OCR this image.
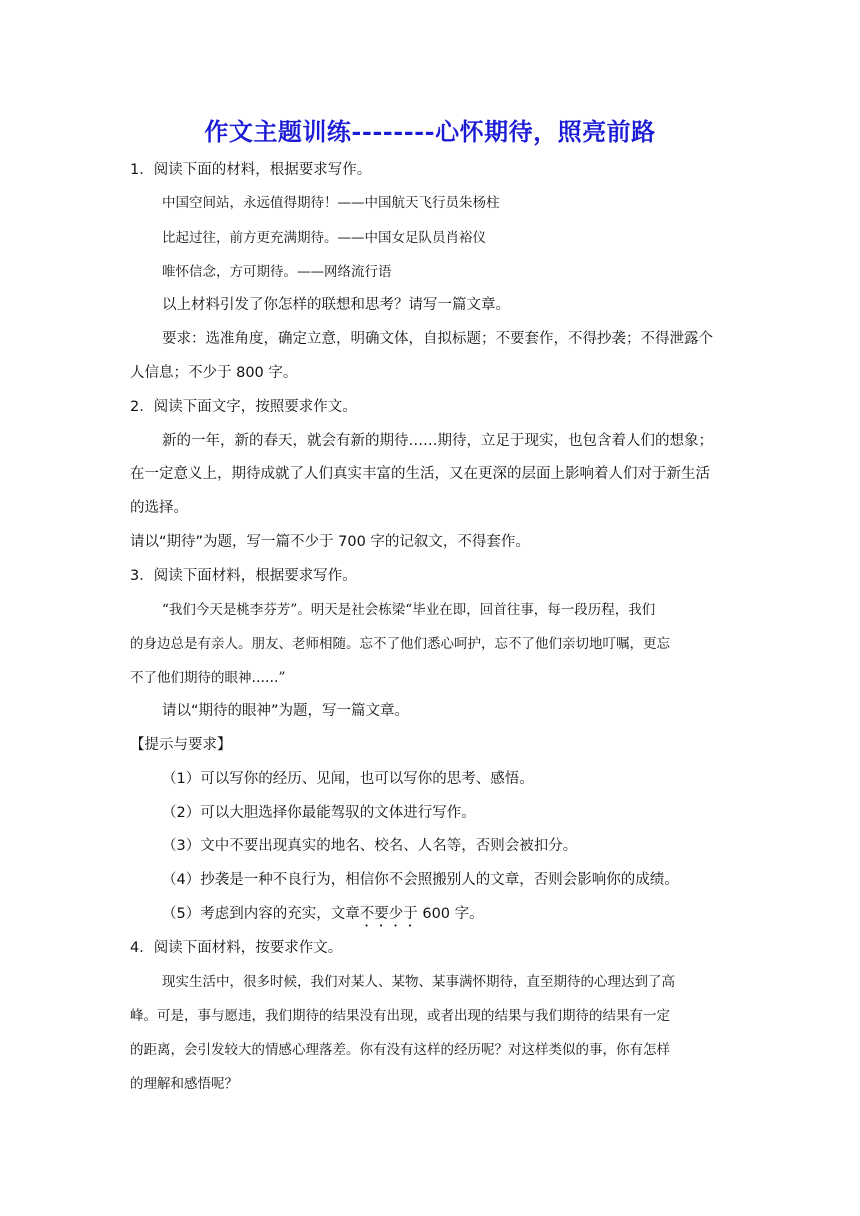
作文主题训练--------心怀期待，照亮前路
1．阅读下面的材料，根据要求写作。
中国空间站，永远值得期待！——中国航天飞行员朱杨柱
比起过往，前方更充满期待。——中国女足队员肖裕仪
唯怀信念，方可期待。——网络流行语
以上材料引发了你怎样的联想和思考？请写一篇文章。
要求：选准角度，确定立意，明确文体，自拟标题；不要套作，不得抄袭；不得泄露个
人信息；不少于 800 字。
2．阅读下面文字，按照要求作文。
新的一年，新的春天，就会有新的期待……期待，立足于现实，也包含着人们的想象；
在一定意义上，期待成就了人们真实丰富的生活，又在更深的层面上影响着人们对于新生活
的选择。
请以“期待”为题，写一篇不少于 700 字的记叙文，不得套作。
3．阅读下面材料，根据要求写作。
“我们今天是桃李芬芳”。明天是社会栋梁“毕业在即，回首往事，每一段历程，我们
的身边总是有亲人。朋友、老师相随。忘不了他们悉心呵护，忘不了他们亲切地叮嘱，更忘
不了他们期待的眼神……”
请以“期待的眼神”为题，写一篇文章。
【提示与要求】
（1）可以写你的经历、见闻，也可以写你的思考、感悟。
（2）可以大胆选择你最能驾驭的文体进行写作。
（3）文中不要出现真实的地名、校名、人名等，否则会被扣分。
（4）抄袭是一种不良行为，相信你不会照搬别人的文章，否则会影响你的成绩。
（5）考虑到内容的充实，文章不要少于 600 字。
4．阅读下面材料，按要求作文。
现实生活中，很多时候，我们对某人、某物、某事满怀期待，直至期待的心理达到了高
峰。可是，事与愿违，我们期待的结果没有出现，或者出现的结果与我们期待的结果有一定
的距离，会引发较大的情感心理落差。你有没有这样的经历呢？对这样类似的事，你有怎样
的理解和感悟呢？
